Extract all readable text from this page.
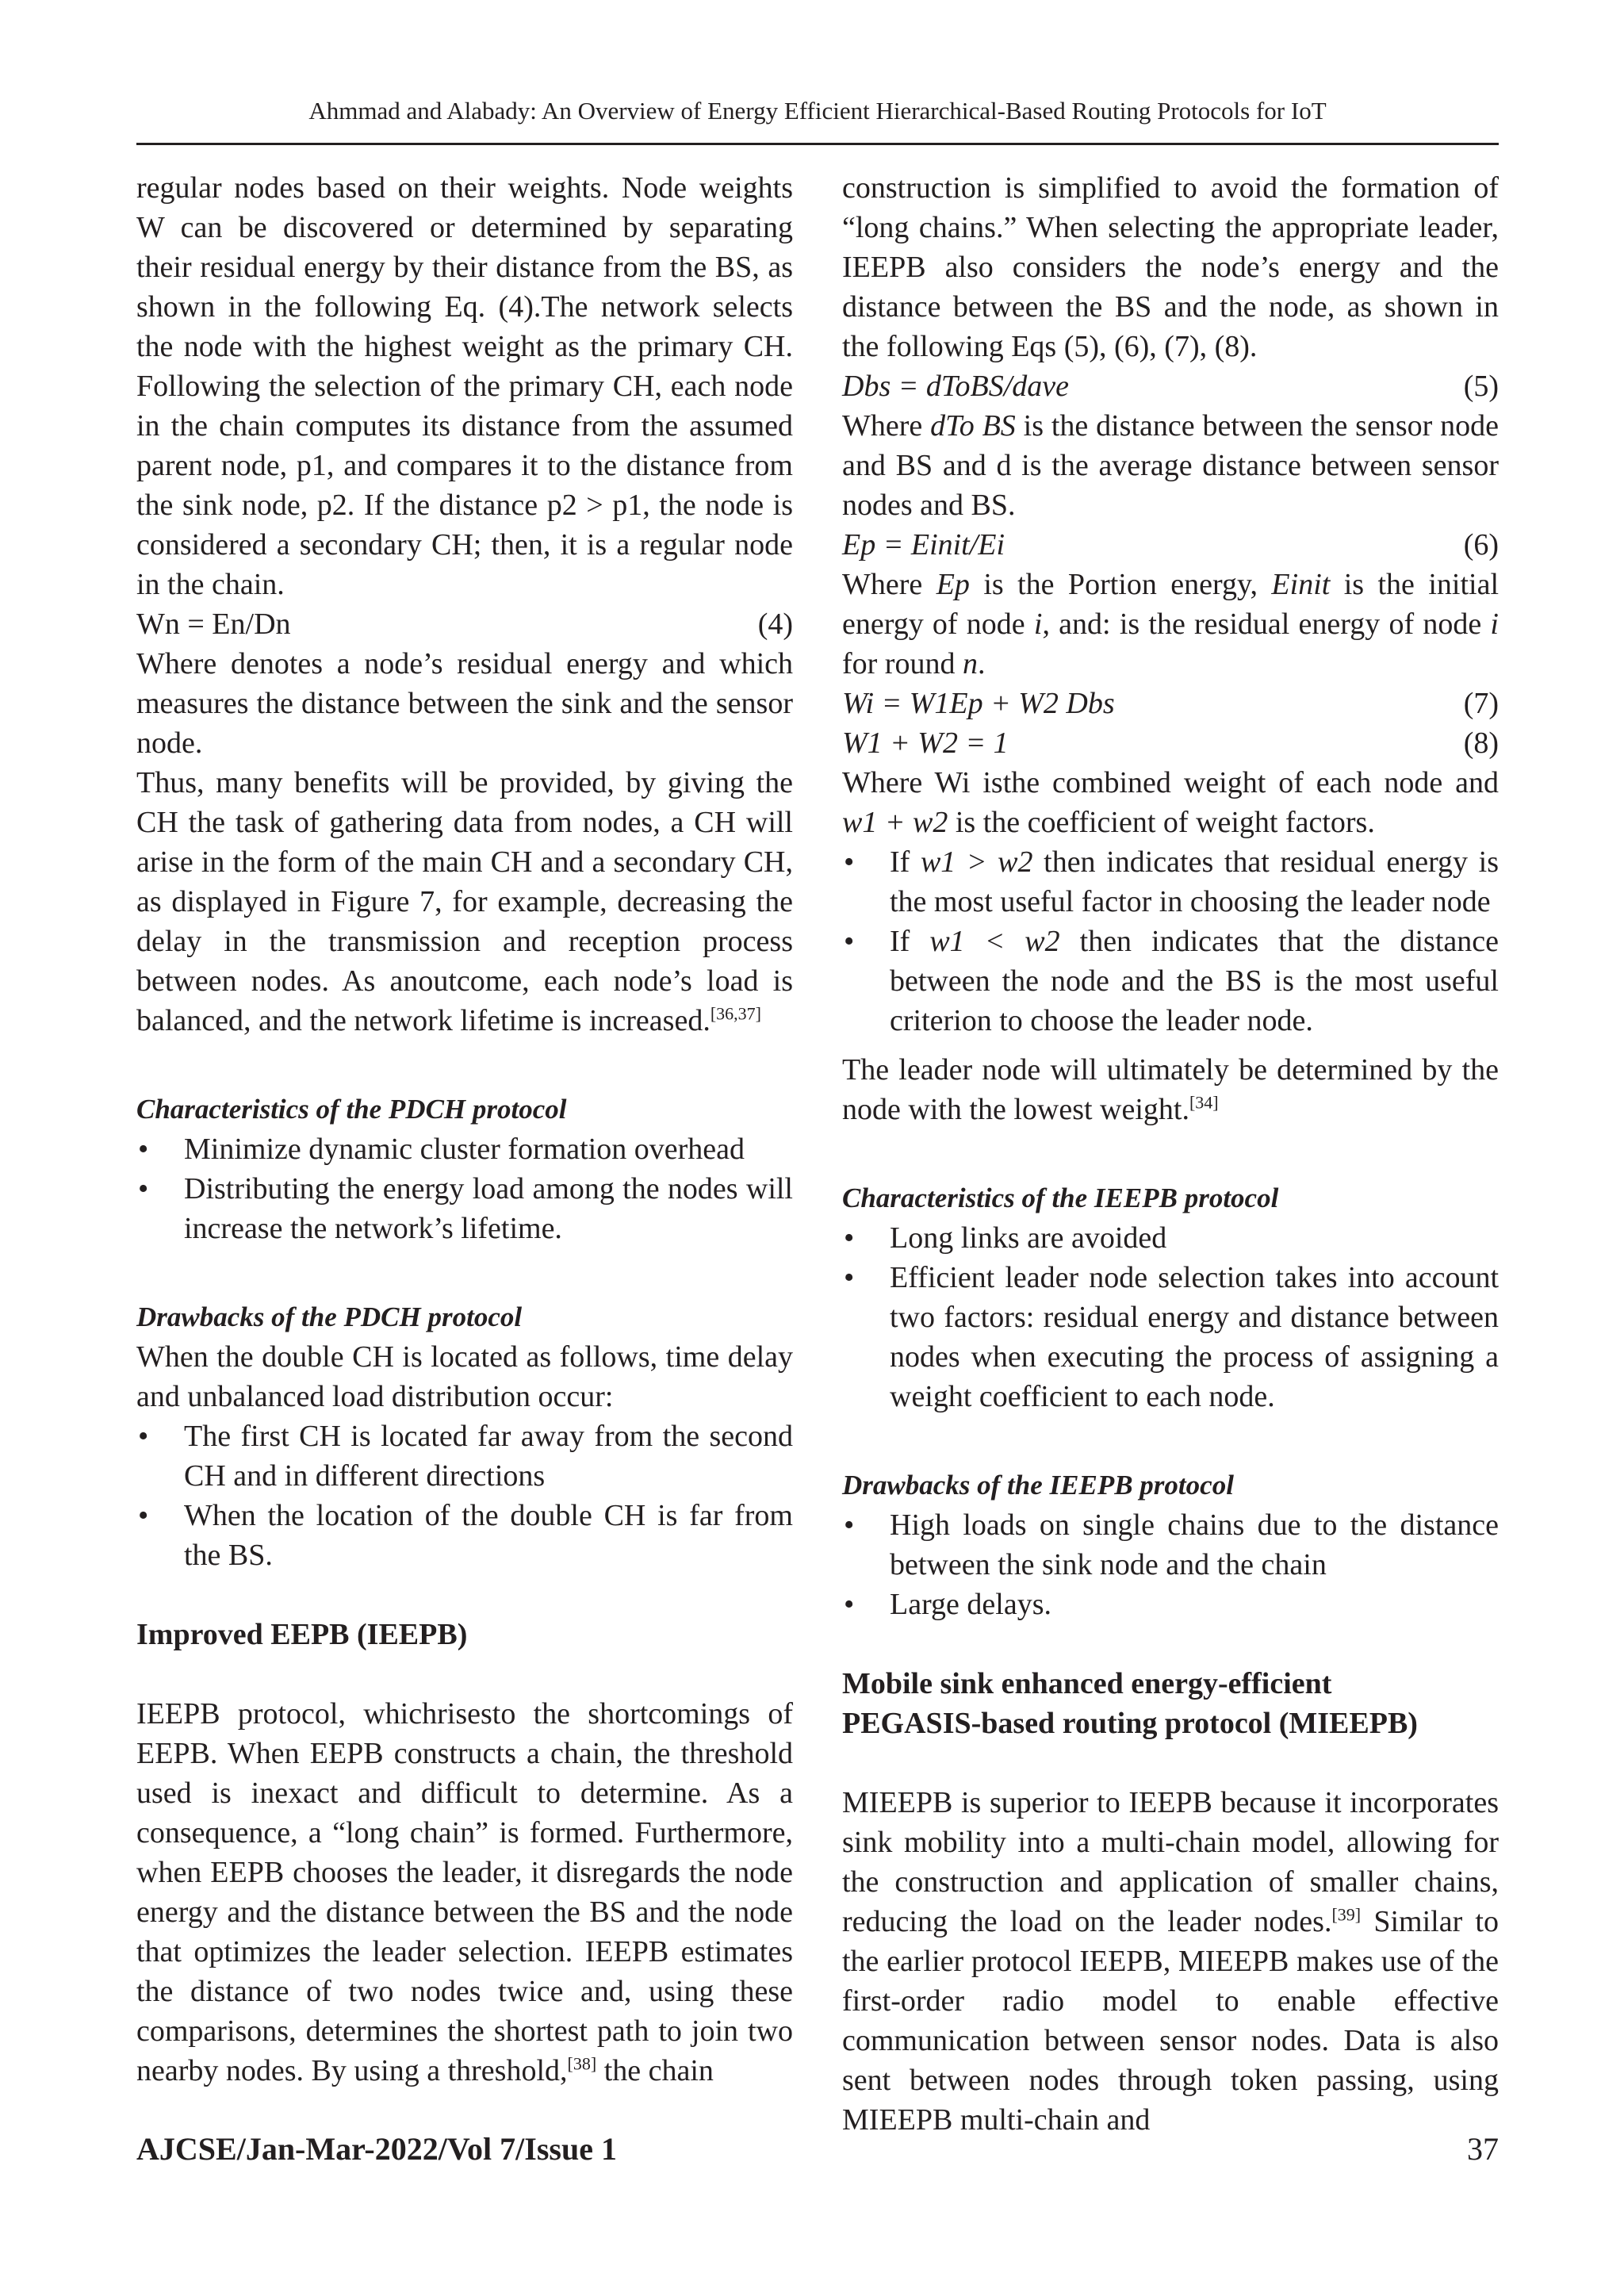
Ahmmad and Alabady: An Overview of Energy Efficient Hierarchical-Based Routing Protocols for IoT

regular nodes based on their weights. Node weights W can be discovered or determined by separating their residual energy by their distance from the BS, as shown in the following Eq. (4).The network selects the node with the highest weight as the primary CH. Following the selection of the primary CH, each node in the chain computes its distance from the assumed parent node, p1, and compares it to the distance from the sink node, p2. If the distance p2 > p1, the node is considered a secondary CH; then, it is a regular node in the chain.

Wn = En/Dn	(4)

Where denotes a node’s residual energy and which measures the distance between the sink and the sensor node.

Thus, many benefits will be provided, by giving the CH the task of gathering data from nodes, a CH will arise in the form of the main CH and a secondary CH, as displayed in Figure 7, for example, decreasing the delay in the transmission and reception process between nodes. As anoutcome, each node’s load is balanced, and the network lifetime is increased.[36,37]

Characteristics of the PDCH protocol

• Minimize dynamic cluster formation overhead
• Distributing the energy load among the nodes will increase the network’s lifetime.

Drawbacks of the PDCH protocol

When the double CH is located as follows, time delay and unbalanced load distribution occur:

• The first CH is located far away from the second CH and in different directions
• When the location of the double CH is far from the BS.

Improved EEPB (IEEPB)

IEEPB protocol, whichrisesto the shortcomings of EEPB. When EEPB constructs a chain, the threshold used is inexact and difficult to determine. As a consequence, a “long chain” is formed. Furthermore, when EEPB chooses the leader, it disregards the node energy and the distance between the BS and the node that optimizes the leader selection. IEEPB estimates the distance of two nodes twice and, using these comparisons, determines the shortest path to join two nearby nodes. By using a threshold,[38] the chain

construction is simplified to avoid the formation of “long chains.” When selecting the appropriate leader, IEEPB also considers the node’s energy and the distance between the BS and the node, as shown in the following Eqs (5), (6), (7), (8).

Dbs = dToBS/dave	(5)

Where dTo BS is the distance between the sensor node and BS and d is the average distance between sensor nodes and BS.

Ep = Einit/Ei	(6)

Where Ep is the Portion energy, Einit is the initial energy of node i, and: is the residual energy of node i for round n.

Wi = W1Ep + W2 Dbs	(7)
W1 + W2 = 1	(8)

Where Wi isthe combined weight of each node and w1 + w2 is the coefficient of weight factors.

• If w1 > w2 then indicates that residual energy is the most useful factor in choosing the leader node
• If w1 < w2 then indicates that the distance between the node and the BS is the most useful criterion to choose the leader node.

The leader node will ultimately be determined by the node with the lowest weight.[34]

Characteristics of the IEEPB protocol

• Long links are avoided
• Efficient leader node selection takes into account two factors: residual energy and distance between nodes when executing the process of assigning a weight coefficient to each node.

Drawbacks of the IEEPB protocol

• High loads on single chains due to the distance between the sink node and the chain
• Large delays.

Mobile sink enhanced energy-efficient
PEGASIS-based routing protocol (MIEEPB)

MIEEPB is superior to IEEPB because it incorporates sink mobility into a multi-chain model, allowing for the construction and application of smaller chains, reducing the load on the leader nodes.[39] Similar to the earlier protocol IEEPB, MIEEPB makes use of the first-order radio model to enable effective communication between sensor nodes. Data is also sent between nodes through token passing, using MIEEPB multi-chain and

AJCSE/Jan-Mar-2022/Vol 7/Issue 1	37
